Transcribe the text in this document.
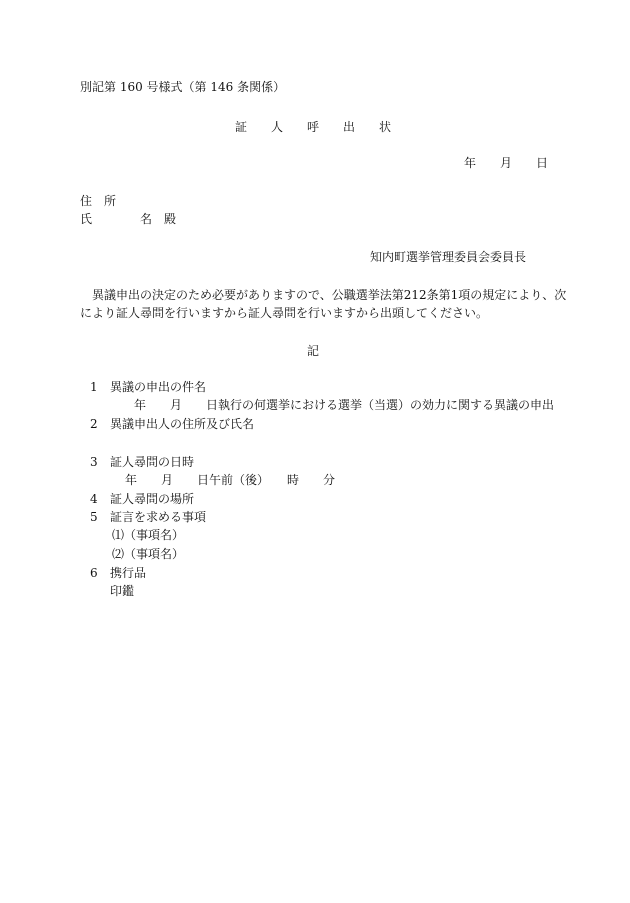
別記第 160 号様式（第 146 条関係）
証　　人　　呼　　出　　状
年　　月　　日
住　所
氏　　　　名　殿
知内町選挙管理委員会委員長
異議申出の決定のため必要がありますので、公職選挙法第212条第1項の規定により、次
により証人尋問を行いますから証人尋問を行いますから出頭してください。
記
1 異議の申出の件名
年　　月　　日執行の何選挙における選挙（当選）の効力に関する異議の申出
2 異議申出人の住所及び氏名
3 証人尋問の日時
年　　月　　日午前（後）　　時　　分
4 証人尋問の場所
5 証言を求める事項
⑴（事項名）
⑵（事項名）
6 携行品
印鑑
